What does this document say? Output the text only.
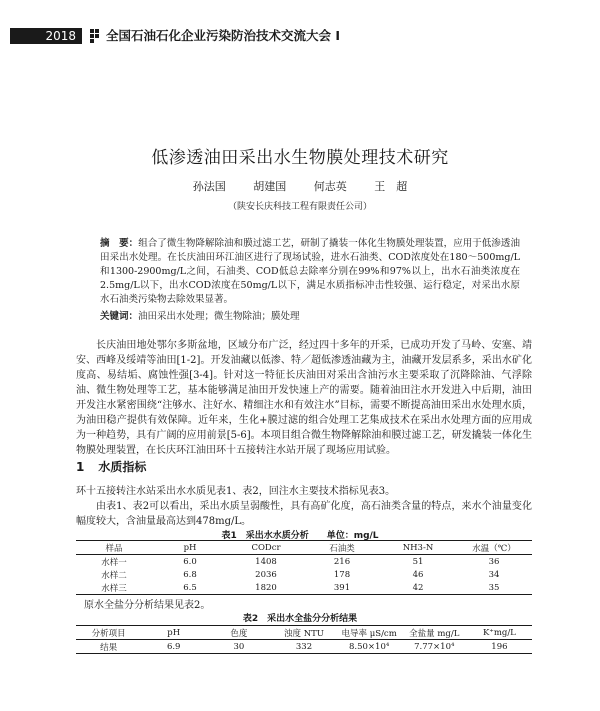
2018	全国石油石化企业污染防治技术交流大会 I
低渗透油田采出水生物膜处理技术研究
孙法国	胡建国	何志英	王　超
（陕安长庆科技工程有限责任公司）
摘　要：组合了微生物降解除油和膜过滤工艺，研制了撬装一体化生物膜处理装置，应用于低渗透油田采出水处理。在长庆油田环江油区进行了现场试验，进水石油类、COD浓度处在180～500mg/L和1300-2900mg/L之间，石油类、COD低总去除率分别在99%和97%以上，出水石油类浓度在2.5mg/L以下，出水COD浓度在50mg/L以下，满足水质指标冲击性较强、运行稳定，对采出水原水石油类污染物去除效果显著。
关键词：油田采出水处理；微生物除油；膜处理
长庆油田地处鄂尔多斯盆地，区域分布广泛，经过四十多年的开采，已成功开发了马岭、安塞、靖安、西峰及绥靖等油田[1-2]。开发油藏以低渗、特／超低渗透油藏为主，油藏开发层系多，采出水矿化度高、易结垢、腐蚀性强[3-4]。针对这一特征长庆油田对采出含油污水主要采取了沉降除油、气浮除油、微生物处理等工艺，基本能够满足油田开发快速上产的需要。随着油田注水开发进入中后期，油田开发注水紧密围绕“注够水、注好水、精细注水和有效注水”目标，需要不断提高油田采出水处理水质，为油田稳产提供有效保障。近年来，生化+膜过滤的组合处理工艺集成技术在采出水处理方面的应用成为一种趋势，具有广阔的应用前景[5-6]。本项目组合微生物降解除油和膜过滤工艺，研发撬装一体化生物膜处理装置，在长庆环江油田环十五接转注水站开展了现场应用试验。
1 水质指标
环十五接转注水站采出水水质见表1、表2，回注水主要技术指标见表3。
由表1、表2可以看出，采出水质呈弱酸性，具有高矿化度，高石油类含量的特点，来水个油量变化幅度较大，含油量最高达到478mg/L。
表1　采出水水质分析 单位：mg/L
样品	pH	CODcr	石油类	NH3-N	水温（℃）
水样一	6.0	1408	216	51	36
水样二	6.8	2036	178	46	34
水样三	6.5	1820	391	42	35
原水全盐分分析结果见表2。
表2　采出水全盐分分析结果
分析项目	pH	色度	浊度 NTU	电导率 μS/cm	全盐量 mg/L	K⁺mg/L
结果	6.9	30	332	8.50×10⁴	7.77×10⁴	196
